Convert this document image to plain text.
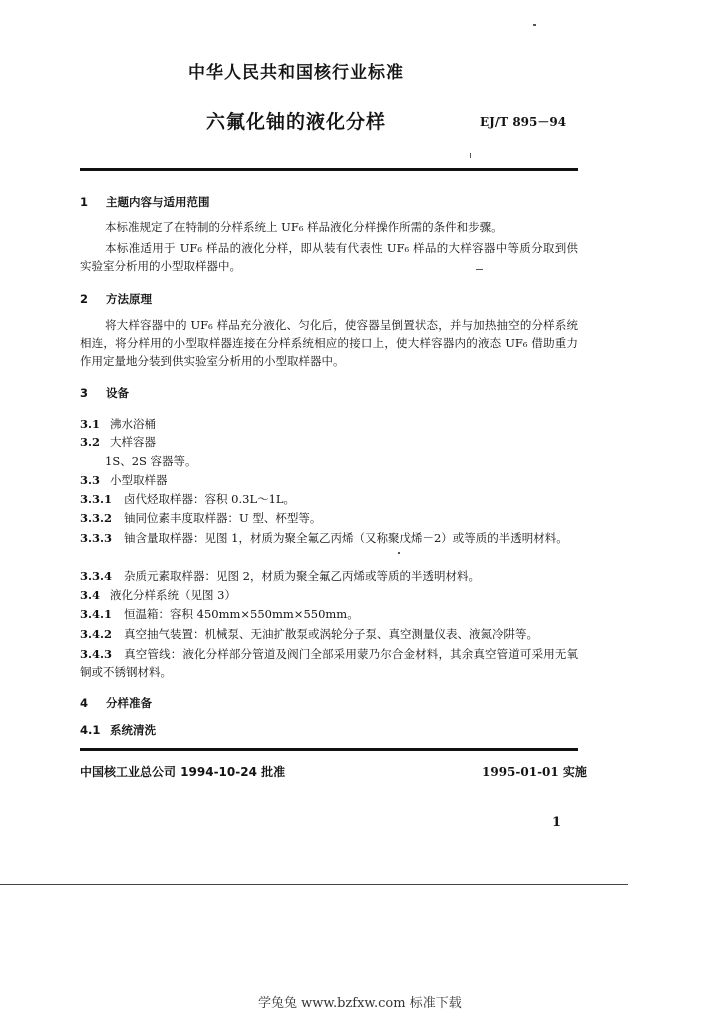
中华人民共和国核行业标准
六氟化铀的液化分样	EJ/T 895－94
1 主题内容与适用范围
本标准规定了在特制的分样系统上 UF₆ 样品液化分样操作所需的条件和步骤。
本标准适用于 UF₆ 样品的液化分样，即从装有代表性 UF₆ 样品的大样容器中等质分取到供实验室分析用的小型取样器中。
2 方法原理
将大样容器中的 UF₆ 样品充分液化、匀化后，使容器呈倒置状态，并与加热抽空的分样系统相连，将分样用的小型取样器连接在分样系统相应的接口上，使大样容器内的液态 UF₆ 借助重力作用定量地分装到供实验室分析用的小型取样器中。
3 设备
3.1 沸水浴桶
3.2 大样容器
1S、2S 容器等。
3.3 小型取样器
3.3.1 卤代烃取样器：容积 0.3L～1L。
3.3.2 铀同位素丰度取样器：U 型、杯型等。
3.3.3 铀含量取样器：见图 1，材质为聚全氟乙丙烯（又称聚戊烯－2）或等质的半透明材料。
3.3.4 杂质元素取样器：见图 2，材质为聚全氟乙丙烯或等质的半透明材料。
3.4 液化分样系统（见图 3）
3.4.1 恒温箱：容积 450mm×550mm×550mm。
3.4.2 真空抽气装置：机械泵、无油扩散泵或涡轮分子泵、真空测量仪表、液氮冷阱等。
3.4.3 真空管线：液化分样部分管道及阀门全部采用蒙乃尔合金材料，其余真空管道可采用无氧铜或不锈钢材料。
4 分样准备
4.1 系统清洗
中国核工业总公司 1994-10-24 批准	1995-01-01 实施
1
学兔兔 www.bzfxw.com 标准下载
